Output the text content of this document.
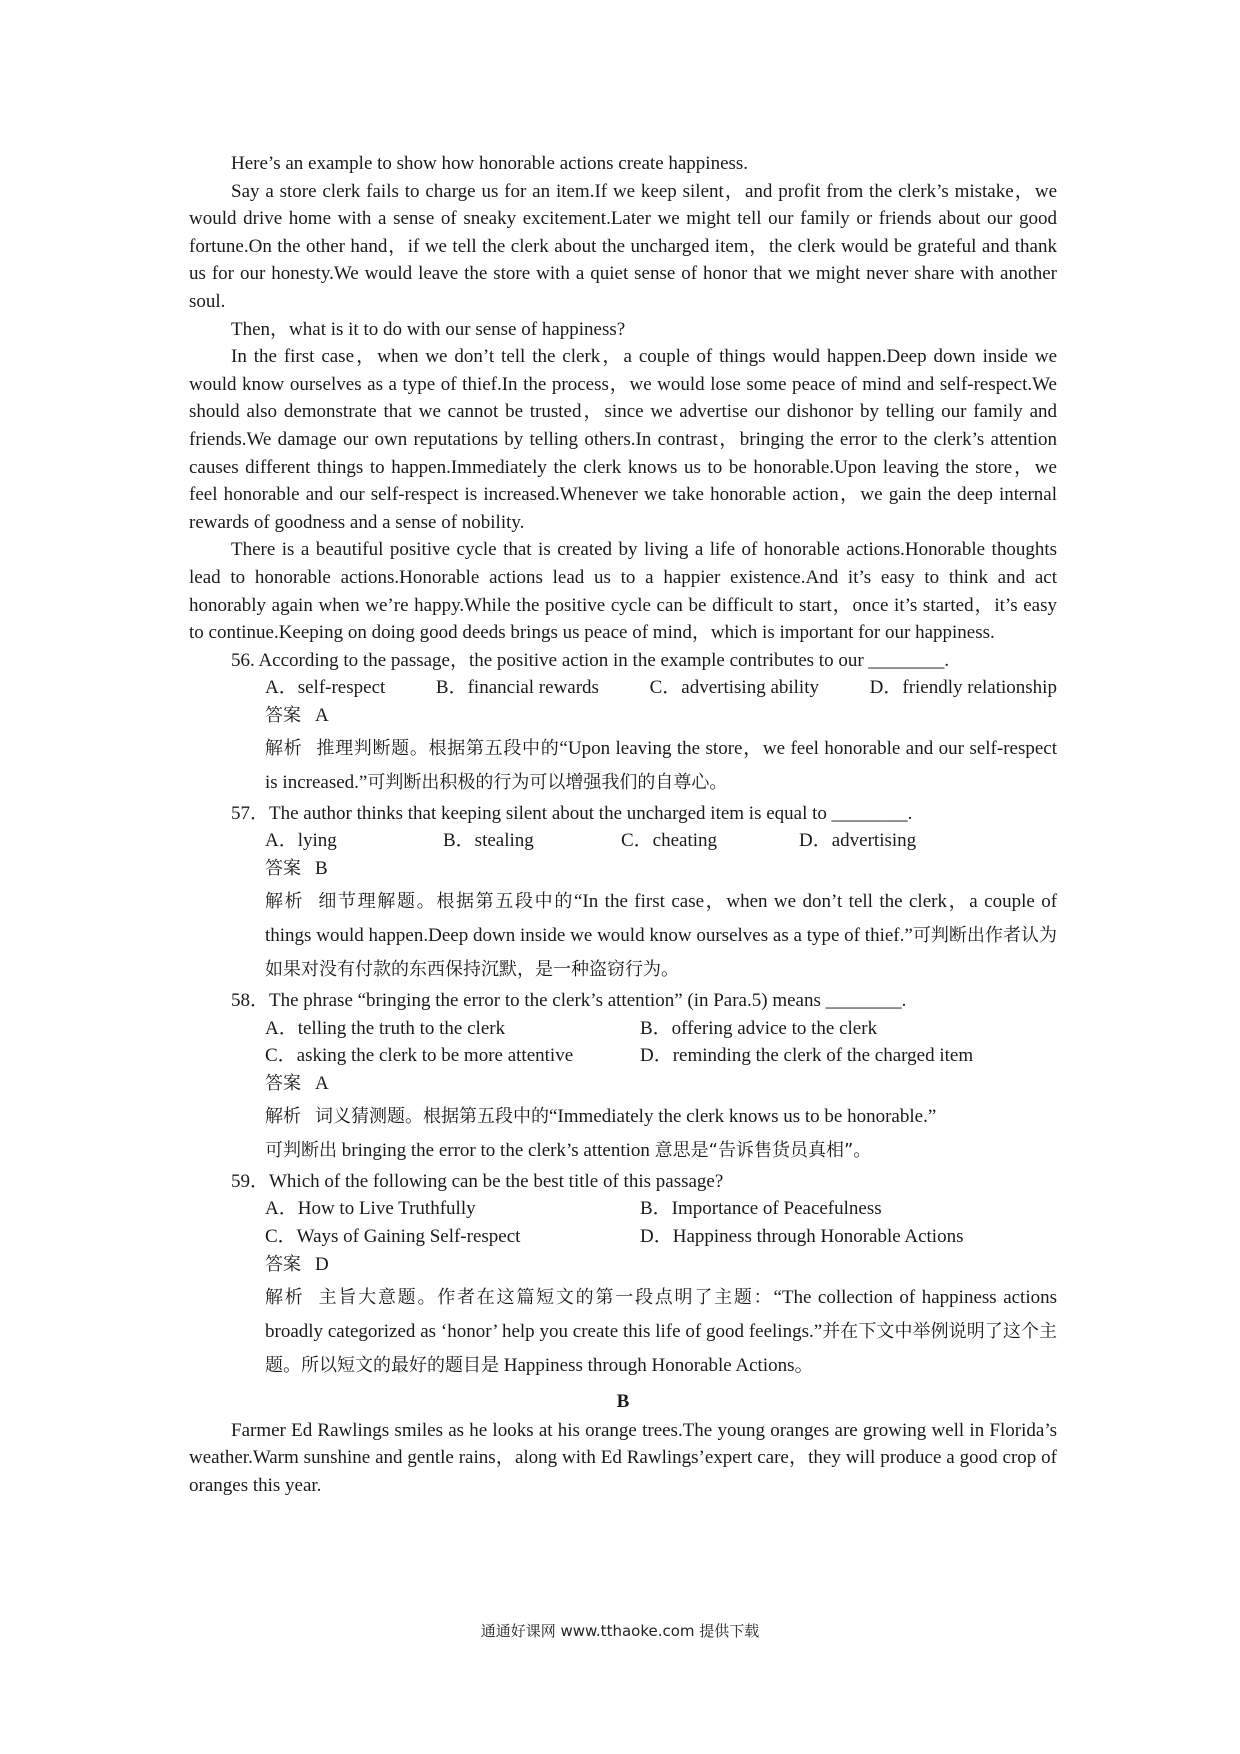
Here’s an example to show how honorable actions create happiness.

Say a store clerk fails to charge us for an item.If we keep silent，and profit from the clerk’s mistake，we would drive home with a sense of sneaky excitement.Later we might tell our family or friends about our good fortune.On the other hand，if we tell the clerk about the uncharged item，the clerk would be grateful and thank us for our honesty.We would leave the store with a quiet sense of honor that we might never share with another soul.

Then，what is it to do with our sense of happiness?

In the first case，when we don’t tell the clerk，a couple of things would happen.Deep down inside we would know ourselves as a type of thief.In the process，we would lose some peace of mind and self-respect.We should also demonstrate that we cannot be trusted，since we advertise our dishonor by telling our family and friends.We damage our own reputations by telling others.In contrast，bringing the error to the clerk’s attention causes different things to happen.Immediately the clerk knows us to be honorable.Upon leaving the store，we feel honorable and our self-respect is increased.Whenever we take honorable action，we gain the deep internal rewards of goodness and a sense of nobility.

There is a beautiful positive cycle that is created by living a life of honorable actions.Honorable thoughts lead to honorable actions.Honorable actions lead us to a happier existence.And it’s easy to think and act honorably again when we’re happy.While the positive cycle can be difficult to start，once it’s started，it’s easy to continue.Keeping on doing good deeds brings us peace of mind，which is important for our happiness.

56. According to the passage，the positive action in the example contributes to our ________.

A．self-respect	B．financial rewards	C．advertising ability	D．friendly relationship

答案 A

解析 推理判断题。根据第五段中的“Upon leaving the store，we feel honorable and our self-respect is increased.”可判断出积极的行为可以增强我们的自尊心。

57．The author thinks that keeping silent about the uncharged item is equal to ________.

A．lying	B．stealing	C．cheating	D．advertising

答案 B

解析 细节理解题。根据第五段中的“In the first case，when we don’t tell the clerk，a couple of things would happen.Deep down inside we would know ourselves as a type of thief.”可判断出作者认为如果对没有付款的东西保持沉默，是一种盗窃行为。

58．The phrase “bringing the error to the clerk’s attention” (in Para.5) means ________.

A．telling the truth to the clerk	B．offering advice to the clerk
C．asking the clerk to be more attentive	D．reminding the clerk of the charged item

答案 A

解析 词义猜测题。根据第五段中的“Immediately the clerk knows us to be honorable.”
可判断出 bringing the error to the clerk’s attention 意思是“告诉售货员真相”。

59．Which of the following can be the best title of this passage?

A．How to Live Truthfully	B．Importance of Peacefulness
C．Ways of Gaining Self-respect	D．Happiness through Honorable Actions

答案 D

解析 主旨大意题。作者在这篇短文的第一段点明了主题：“The collection of happiness actions broadly categorized as ‘honor’ help you create this life of good feelings.”并在下文中举例说明了这个主题。所以短文的最好的题目是 Happiness through Honorable Actions。

B

Farmer Ed Rawlings smiles as he looks at his orange trees.The young oranges are growing well in Florida’s weather.Warm sunshine and gentle rains，along with Ed Rawlings’expert care，they will produce a good crop of oranges this year.

通通好课网 www.tthaoke.com 提供下载
